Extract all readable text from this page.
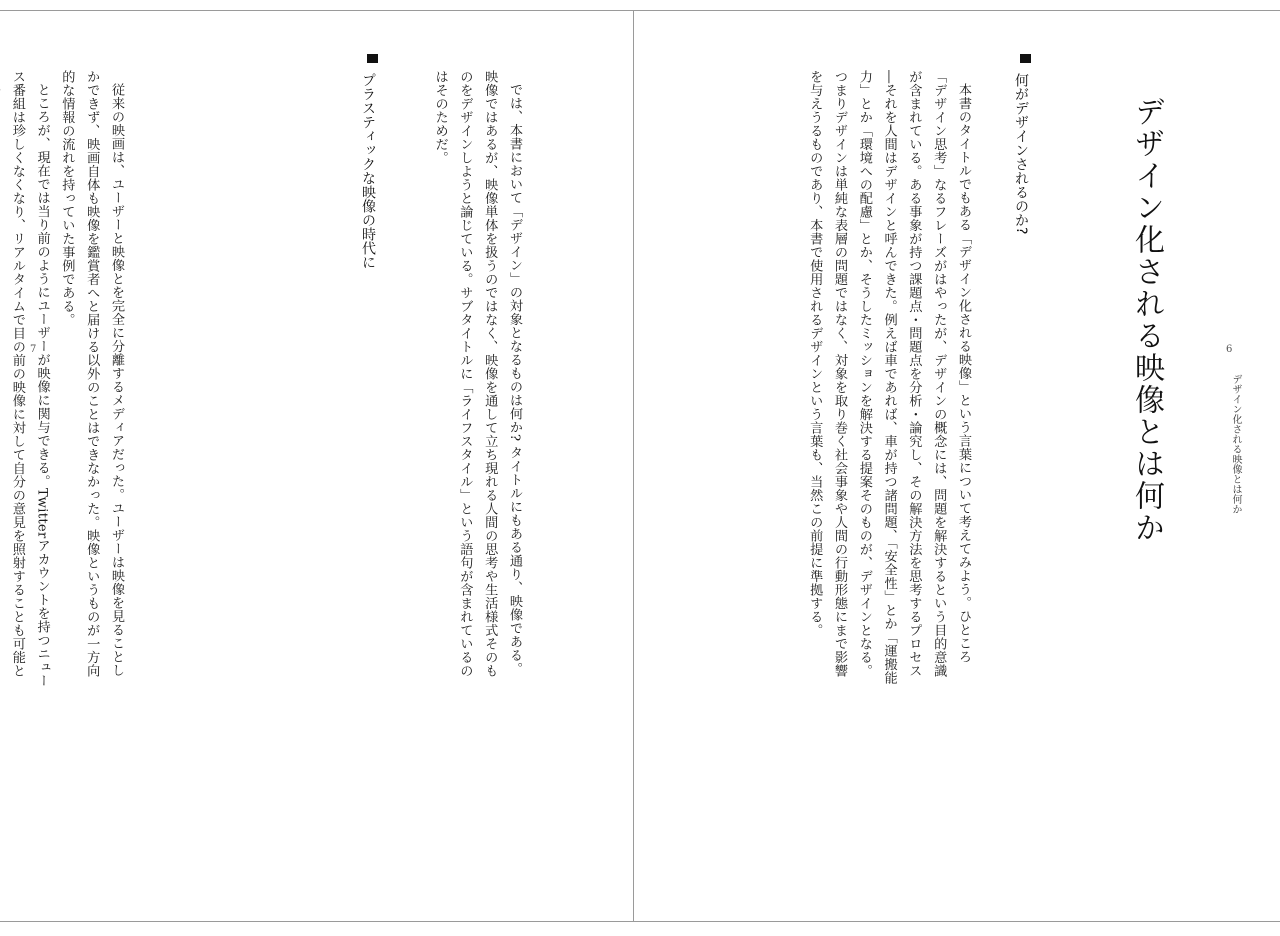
デザイン化される映像とは何か
6
デザイン化される映像とは何か
何がデザインされるのか?

本書のタイトルでもある「デザイン化される映像」という言葉について考えてみよう。ひところ「デザイン思考」なるフレーズがはやったが、デザインの概念には、問題を解決するという目的意識が含まれている。ある事象が持つ課題点・問題点を分析・論究し、その解決方法を思考するプロセス―それを人間はデザインと呼んできた。例えば車であれば、車が持つ諸問題、「安全性」とか「運搬能力」とか「環境への配慮」とか、そうしたミッションを解決する提案そのものが、デザインとなる。つまりデザインは単純な表層の問題ではなく、対象を取り巻く社会事象や人間の行動形態にまで影響を与えうるものであり、本書で使用されるデザインという言葉も、当然この前提に準拠する。

7	では、本書において「デザイン」の対象となるものは何か? タイトルにもある通り、映像である。映像ではあるが、映像単体を扱うのではなく、映像を通して立ち現れる人間の思考や生活様式そのものをデザインしようと論じている。サブタイトルに「ライフスタイル」という語句が含まれているのはそのためだ。

プラスティックな映像の時代に

従来の映画は、ユーザーと映像とを完全に分離するメディアだった。ユーザーは映像を見ることしかできず、映画自体も映像を鑑賞者へと届ける以外のことはできなかった。映像というものが一方向的な情報の流れを持っていた事例である。

ところが、現在では当り前のようにユーザーが映像に関与できる。Twitterアカウントを持つニュース番組は珍しくなくなり、リアルタイムで目の前の映像に対して自分の意見を照射することも可能と
